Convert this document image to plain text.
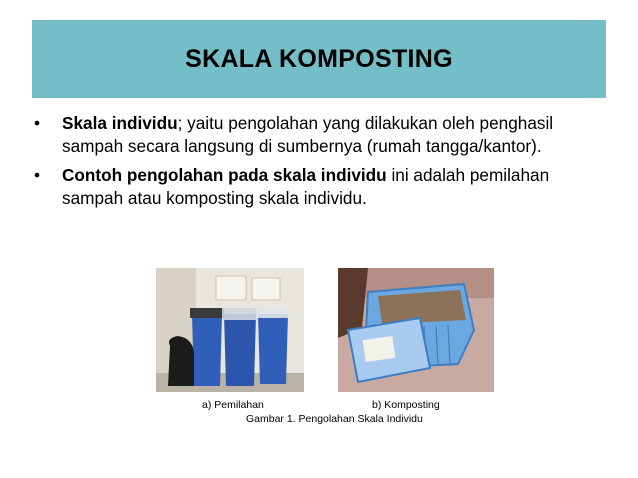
SKALA KOMPOSTING
•	Skala individu; yaitu pengolahan yang dilakukan oleh penghasil sampah secara langsung di sumbernya (rumah tangga/kantor).
•	Contoh pengolahan pada skala individu ini adalah pemilahan sampah atau komposting skala individu.
a) Pemilahan	b) Komposting
Gambar 1. Pengolahan Skala Individu
